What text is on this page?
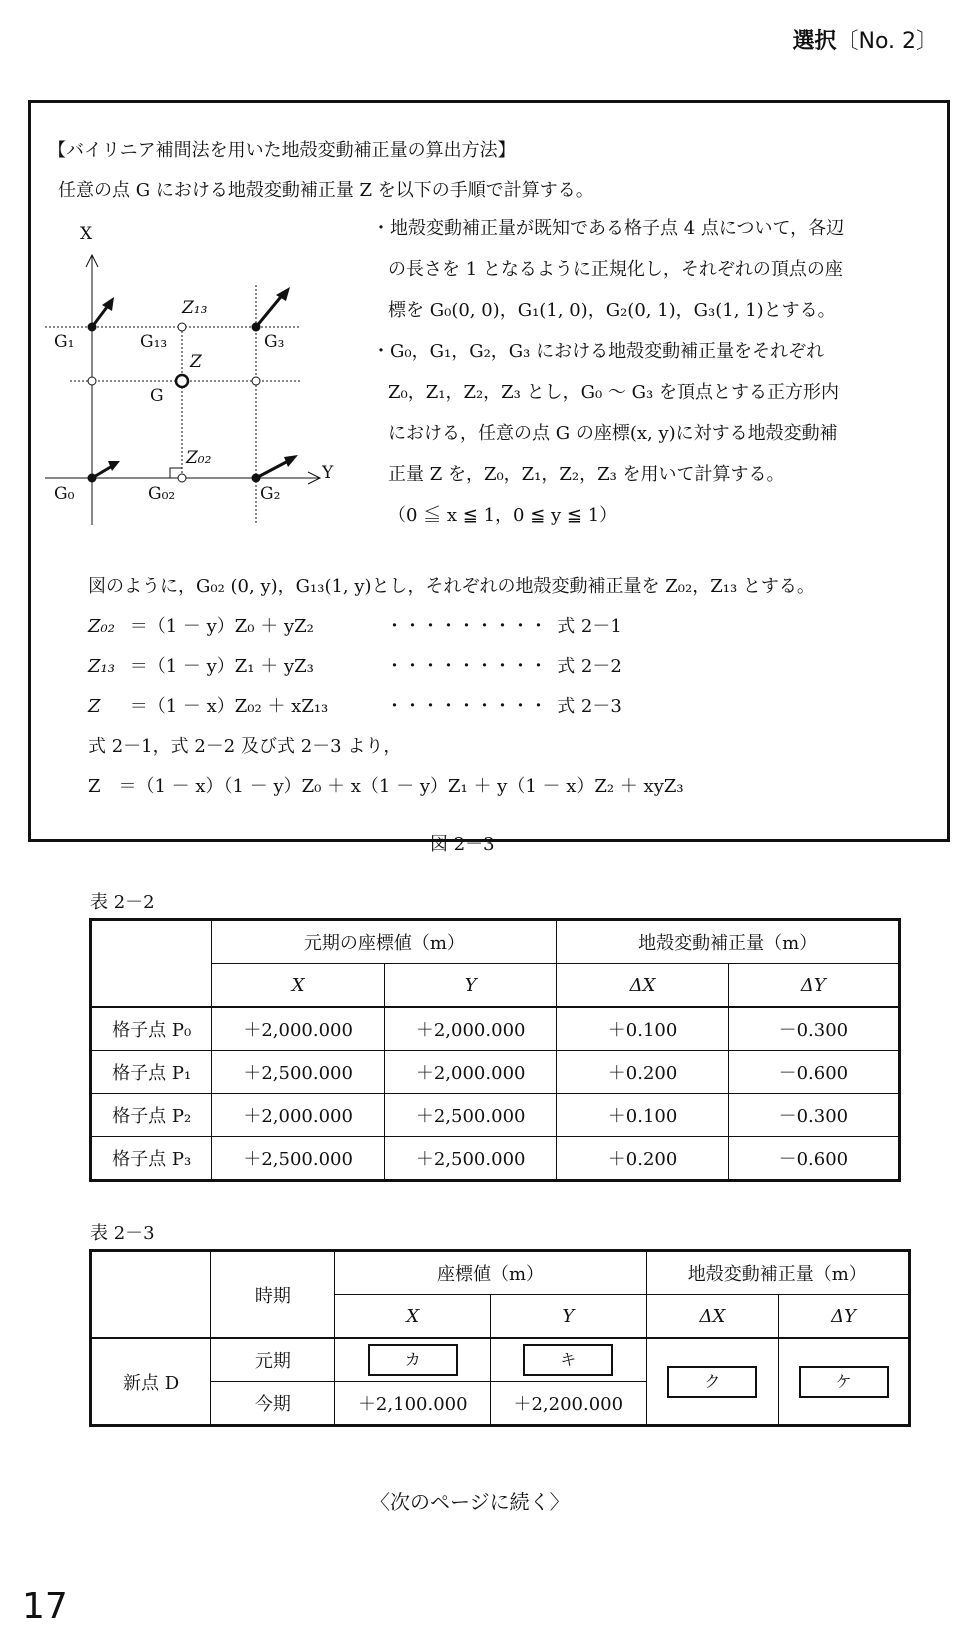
選択〔No. 2〕
【バイリニア補間法を用いた地殻変動補正量の算出方法】
任意の点 G における地殻変動補正量 Z を以下の手順で計算する。
X
Y
G₁	G₁₃	G₃
Z₁₃
Z
G
Z₀₂
G₀	G₀₂	G₂
・地殻変動補正量が既知である格子点 4 点について，各辺
の長さを 1 となるように正規化し，それぞれの頂点の座
標を G₀(0, 0)，G₁(1, 0)，G₂(0, 1)，G₃(1, 1)とする。
・G₀，G₁，G₂，G₃ における地殻変動補正量をそれぞれ
Z₀，Z₁，Z₂，Z₃ とし，G₀ ～ G₃ を頂点とする正方形内
における，任意の点 G の座標(x, y)に対する地殻変動補
正量 Z を，Z₀，Z₁，Z₂，Z₃ を用いて計算する。
（0 ≦ x ≦ 1，0 ≦ y ≦ 1）
図のように，G₀₂ (0, y)，G₁₃(1, y)とし，それぞれの地殻変動補正量を Z₀₂，Z₁₃ とする。
Z₀₂ ＝（1 － y）Z₀ ＋ yZ₂	・・・・・・・・・ 式 2－1
Z₁₃ ＝（1 － y）Z₁ ＋ yZ₃	・・・・・・・・・ 式 2－2
Z ＝（1 － x）Z₀₂ ＋ xZ₁₃	・・・・・・・・・ 式 2－3
式 2－1，式 2－2 及び式 2－3 より，
Z　＝（1 － x）（1 － y）Z₀ ＋ x（1 － y）Z₁ ＋ y（1 － x）Z₂ ＋ xyZ₃
図 2－3
表 2－2
	元期の座標値（m）		地殻変動補正量（m）	
	X	Y	ΔX	ΔY
格子点 P₀	＋2,000.000	＋2,000.000	＋0.100	－0.300
格子点 P₁	＋2,500.000	＋2,000.000	＋0.200	－0.600
格子点 P₂	＋2,000.000	＋2,500.000	＋0.100	－0.300
格子点 P₃	＋2,500.000	＋2,500.000	＋0.200	－0.600
表 2－3
	時期	座標値（m）		地殻変動補正量（m）	
		X	Y	ΔX	ΔY
新点 D	元期	カ	キ	ク	ケ
	今期	＋2,100.000	＋2,200.000		
〈次のページに続く〉
17
